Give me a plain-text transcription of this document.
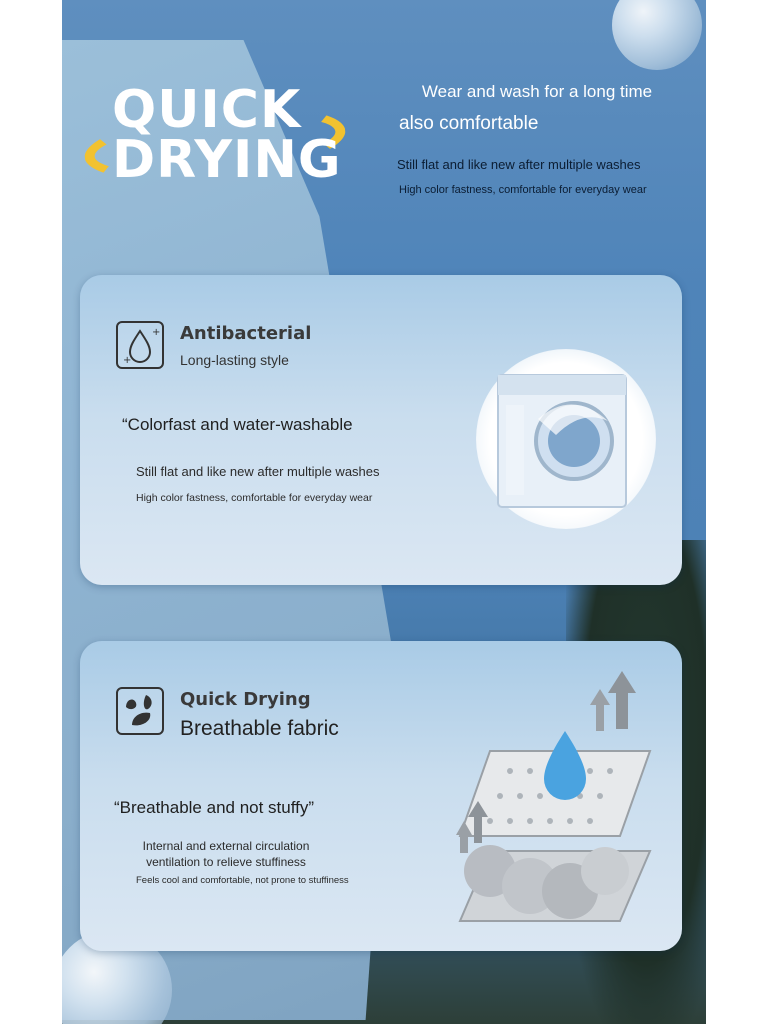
QUICK
DRYING
Wear and wash for a long time
also comfortable
Still flat and like new after multiple washes
High color fastness, comfortable for everyday wear
+
+ Antibacterial
Long-lasting style
“Colorfast and water-washable
Still flat and like new after multiple washes
High color fastness, comfortable for everyday wear
Quick Drying
Breathable fabric
“Breathable and not stuffy”
Internal and external circulation ventilation to relieve stuffiness
Feels cool and comfortable, not prone to stuffiness
